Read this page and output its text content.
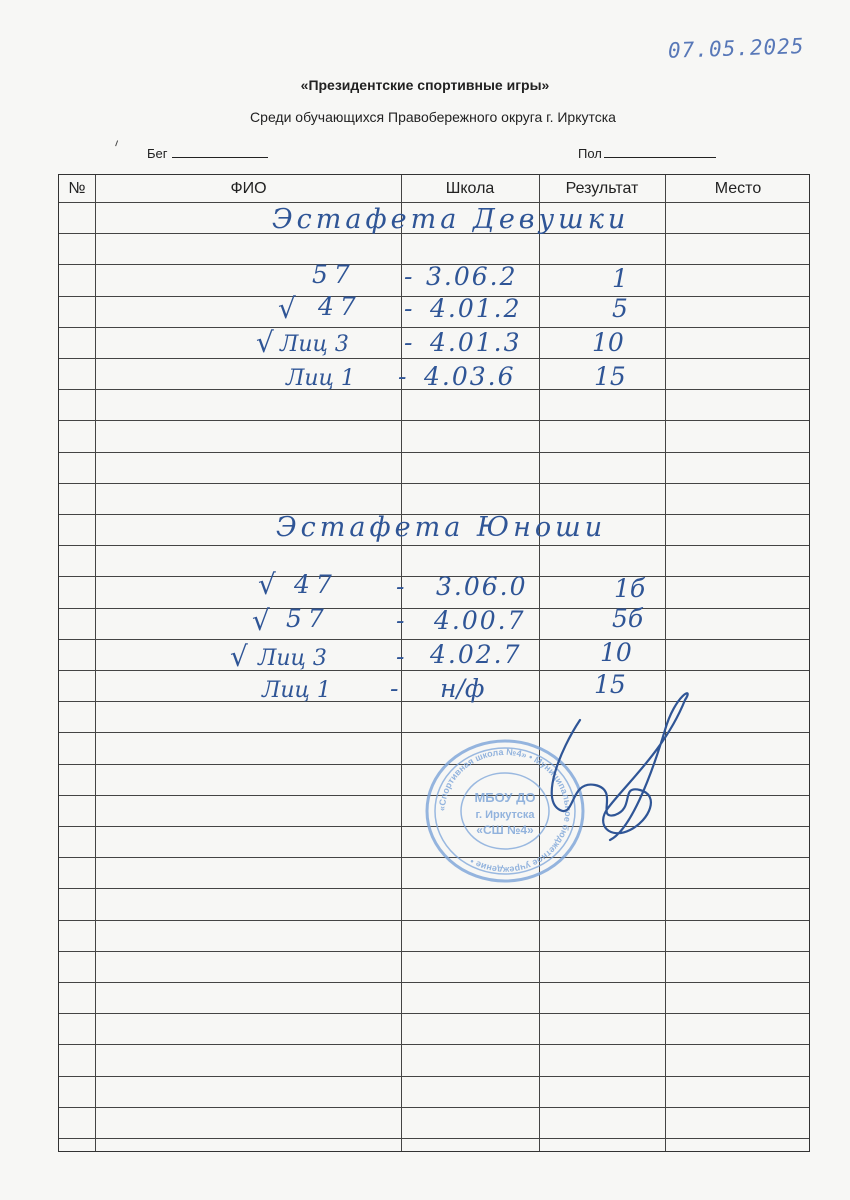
07.05.2025
«Президентские спортивные игры»
Среди обучающихся Правобережного округа г. Иркутска
Бег	Пол
№	ФИО	Школа	Результат	Место
Эстафета Девушки
57 - 3.06.2	1
√ 47 - 4.01.2	5
√ Лиц 3 - 4.01.3	10
Лиц 1 - 4.03.6	15
Эстафета Юноши
√ 47 - 3.06.0	1б
√ 57	- 4.00.7	5б
√ Лиц 3	- 4.02.7	10
Лиц 1 - н/ф	15
«Спортивная школа №4» • Муниципальное бюджетное учреждение •
МБОУ ДО
г. Иркутска
«СШ №4»
